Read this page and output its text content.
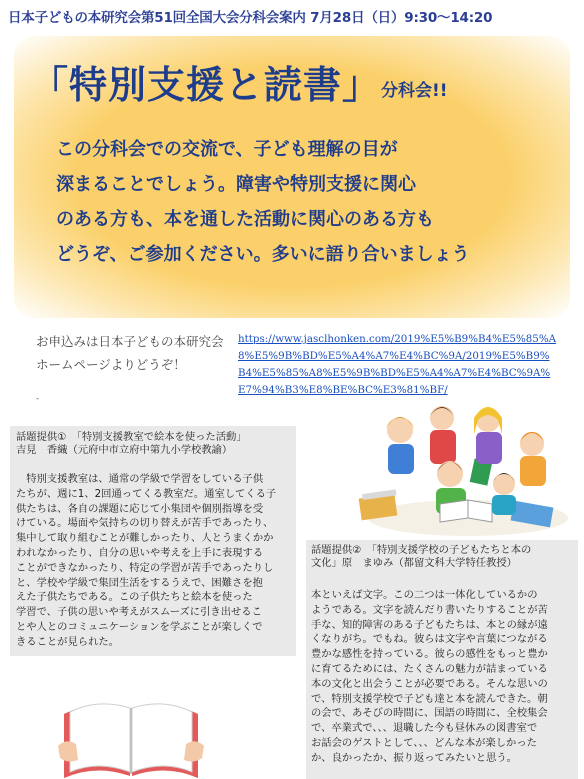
日本子どもの本研究会第51回全国大会分科会案内 7月28日（日）9:30〜14:20
「特別支援と読書」分科会!!
この分科会での交流で、子ども理解の目が
深まることでしょう。障害や特別支援に関心
のある方も、本を通した活動に関心のある方も
どうぞ、ご参加ください。多いに語り合いましょう
お申込みは日本子どもの本研究会
ホームページよりどうぞ！
-
https://www.jasclhonken.com/2019%E5%B9%B4%E5%85%A
8%E5%9B%BD%E5%A4%A7%E4%BC%9A/2019%E5%B9%
B4%E5%85%A8%E5%9B%BD%E5%A4%A7%E4%BC%9A%
E7%94%B3%E8%BE%BC%E3%81%BF/
話題提供①　「特別支援教室で絵本を使った活動」
吉見　香織（元府中市立府中第九小学校教諭）
　特別支援教室は、通常の学級で学習をしている子供
たちが、週に1、2回通ってくる教室だ。通室してくる子
供たちは、各自の課題に応じて小集団や個別指導を受
けている。場面や気持ちの切り替えが苦手であったり、
集中して取り組むことが難しかったり、人とうまくかか
われなかったり、自分の思いや考えを上手に表現する
ことができなかったり、特定の学習が苦手であったりし
と、学校や学級で集団生活をするうえで、困難さを抱
えた子供たちである。この子供たちと絵本を使った
学習で、子供の思いや考えがスムーズに引き出せるこ
とや人とのコミュニケーションを学ぶことが楽しくで
きることが見られた。
話題提供②　「特別支援学校の子どもたちと本の
文化」原　まゆみ（都留文科大学特任教授）
本といえば文字。この二つは一体化しているかの
ようである。文字を読んだり書いたりすることが苦
手な、知的障害のある子どもたちは、本との縁が遠
くなりがち。でもね。彼らは文字や言葉につながる
豊かな感性を持っている。彼らの感性をもっと豊か
に育てるためには、たくさんの魅力が詰まっている
本の文化と出会うことが必要である。そんな思いの
で、特別支援学校で子ども達と本を読んできた。朝
の会で、あそびの時間に、国語の時間に、全校集会
で、卒業式で、、、退職した今も昼休みの図書室で
お話会のゲストとして、、、どんな本が楽しかった
か、良かったか、振り返ってみたいと思う。
